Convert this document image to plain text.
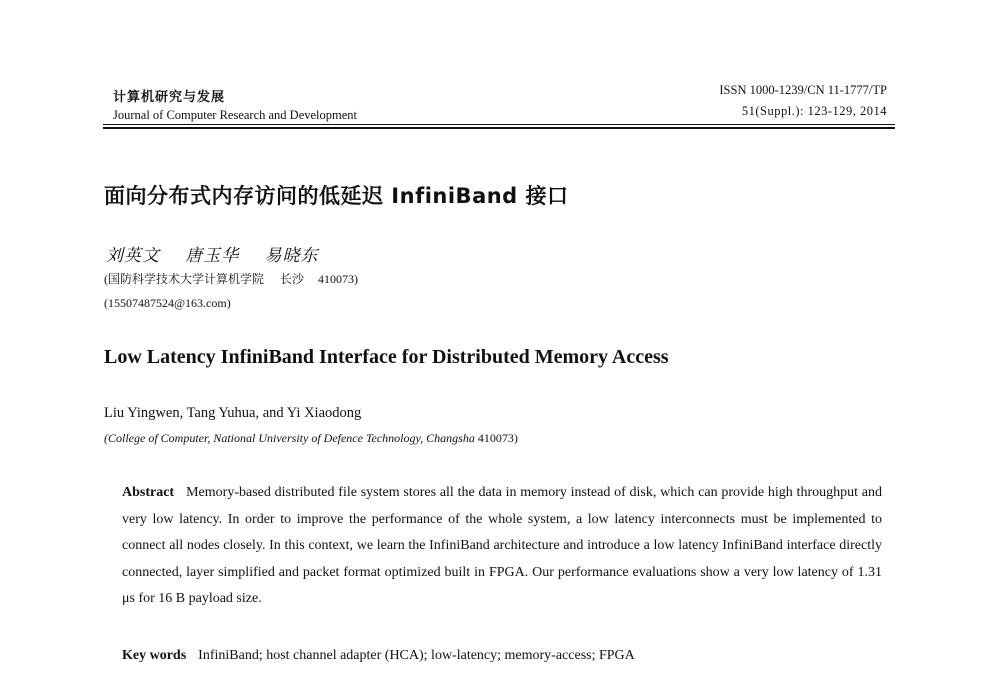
计算机研究与发展
Journal of Computer Research and Development
ISSN 1000-1239/CN 11-1777/TP
51(Suppl.): 123-129, 2014
面向分布式内存访问的低延迟 InfiniBand 接口
刘英文 唐玉华 易晓东
(国防科学技术大学计算机学院 长沙 410073)
(15507487524@163.com)
Low Latency InfiniBand Interface for Distributed Memory Access
Liu Yingwen, Tang Yuhua, and Yi Xiaodong
(College of Computer, National University of Defence Technology, Changsha 410073)
Abstract Memory-based distributed file system stores all the data in memory instead of disk, which can provide high throughput and very low latency. In order to improve the performance of the whole system, a low latency interconnects must be implemented to connect all nodes closely. In this context, we learn the InfiniBand architecture and introduce a low latency InfiniBand interface directly connected, layer simplified and packet format optimized built in FPGA. Our performance evaluations show a very low latency of 1.31 μs for 16 B payload size.
Key words InfiniBand; host channel adapter (HCA); low-latency; memory-access; FPGA
